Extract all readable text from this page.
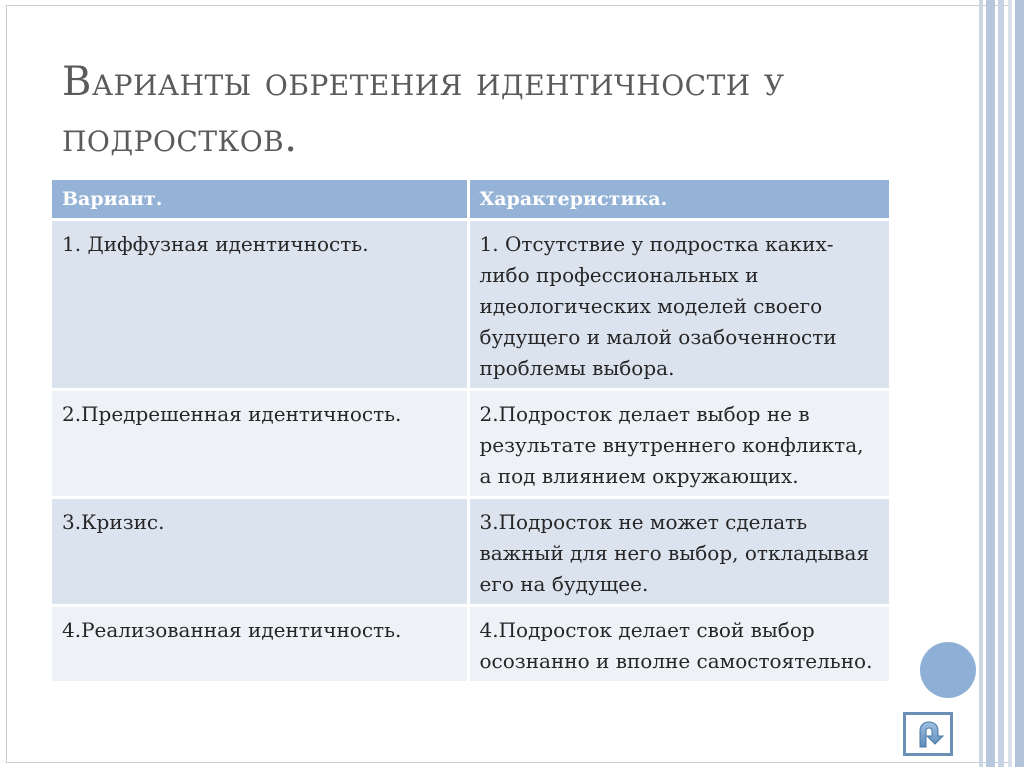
Варианты обретения идентичности у подростков.
Вариант.	Характеристика.
1. Диффузная идентичность.	1. Отсутствие у подростка каких-либо профессиональных и идеологических моделей своего будущего и малой озабоченности проблемы выбора.
2.Предрешенная идентичность.	2.Подросток делает выбор не в результате внутреннего конфликта, а под влиянием окружающих.
3.Кризис.	3.Подросток не может сделать важный для него выбор, откладывая его на будущее.
4.Реализованная идентичность.	4.Подросток делает свой выбор осознанно и вполне самостоятельно.
